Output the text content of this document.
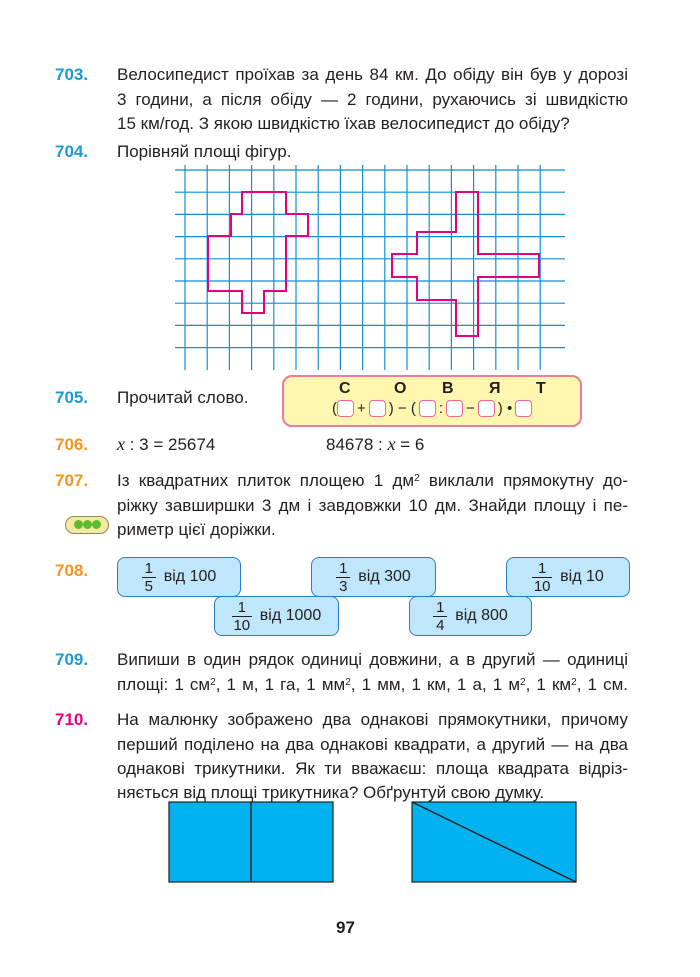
703. Велосипедист проїхав за день 84 км. До обіду він був у дорозі
3 години, а після обіду — 2 години, рухаючись зі швидкістю
15 км/год. З якою швидкістю їхав велосипедист до обіду?
704. Порівняй площі фігур.
705. Прочитай слово.	С	О В Я Т
( + ) − ( : − ) •
706. x : 3 = 25674	84678 : x = 6
707. Із квадратних плиток площею 1 $дм^2$ виклали прямокутну до-
ріжку завширшки 3 дм і завдовжки 10 дм. Знайди площу і пе-
риметр цієї доріжки.
708.	$\frac{1}{5}$ від 100	$\frac{1}{3}$ від 300	$\frac{1}{10}$ від 10
$\frac{1}{10}$ від 1000	$\frac{1}{4}$ від 800
709. Випиши в один рядок одиниці довжини, а в другий — одиниці
площі: 1 $см^2$, 1 м, 1 га, 1 $мм^2$, 1 мм, 1 км, 1 а, 1 $м^2$, 1 $км^2$, 1 см.
710. На малюнку зображено два однакові прямокутники, причому
перший поділено на два однакові квадрати, а другий — на два
однакові трикутники. Як ти вважаєш: площа квадрата відріз-
няється від площі трикутника? Обґрунтуй свою думку.
97
